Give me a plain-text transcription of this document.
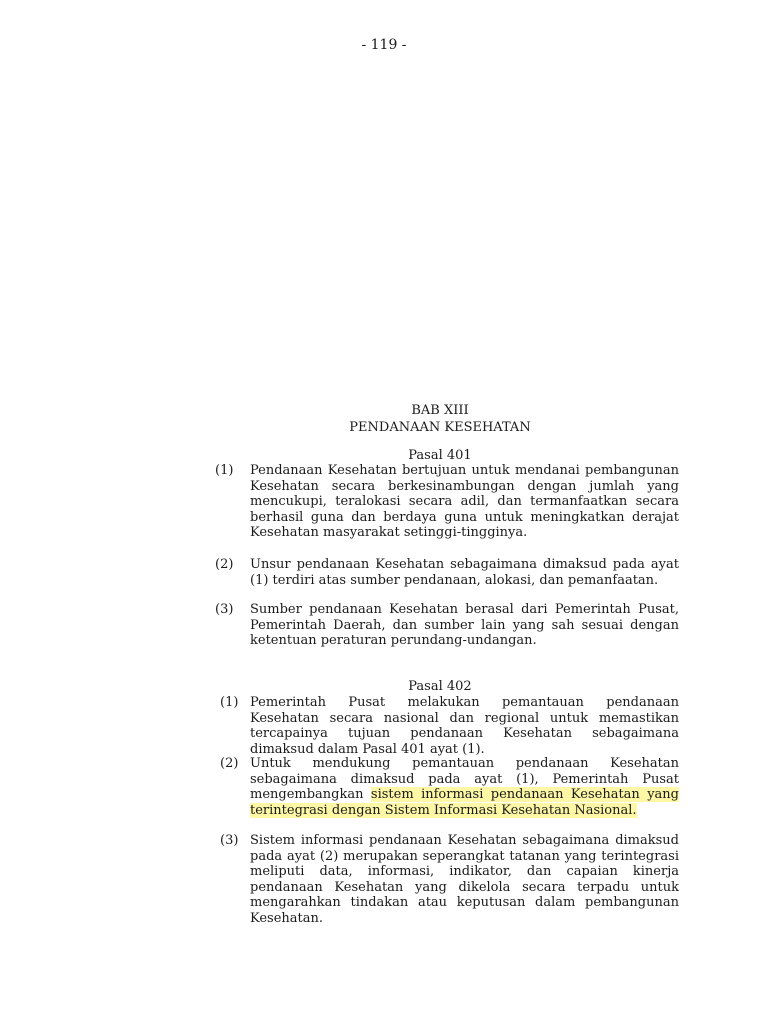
- 119 -
BAB XIII
PENDANAAN KESEHATAN
Pasal 401
(1) Pendanaan Kesehatan bertujuan untuk mendanai pembangunan Kesehatan secara berkesinambungan dengan jumlah yang mencukupi, teralokasi secara adil, dan termanfaatkan secara berhasil guna dan berdaya guna untuk meningkatkan derajat Kesehatan masyarakat setinggi-tingginya.
(2) Unsur pendanaan Kesehatan sebagaimana dimaksud pada ayat (1) terdiri atas sumber pendanaan, alokasi, dan pemanfaatan.
(3) Sumber pendanaan Kesehatan berasal dari Pemerintah Pusat, Pemerintah Daerah, dan sumber lain yang sah sesuai dengan ketentuan peraturan perundang-undangan.
Pasal 402
(1) Pemerintah Pusat melakukan pemantauan pendanaan Kesehatan secara nasional dan regional untuk memastikan tercapainya tujuan pendanaan Kesehatan sebagaimana dimaksud dalam Pasal 401 ayat (1).
(2) Untuk mendukung pemantauan pendanaan Kesehatan sebagaimana dimaksud pada ayat (1), Pemerintah Pusat mengembangkan sistem informasi pendanaan Kesehatan yang terintegrasi dengan Sistem Informasi Kesehatan Nasional.
(3) Sistem informasi pendanaan Kesehatan sebagaimana dimaksud pada ayat (2) merupakan seperangkat tatanan yang terintegrasi meliputi data, informasi, indikator, dan capaian kinerja pendanaan Kesehatan yang dikelola secara terpadu untuk mengarahkan tindakan atau keputusan dalam pembangunan Kesehatan.
